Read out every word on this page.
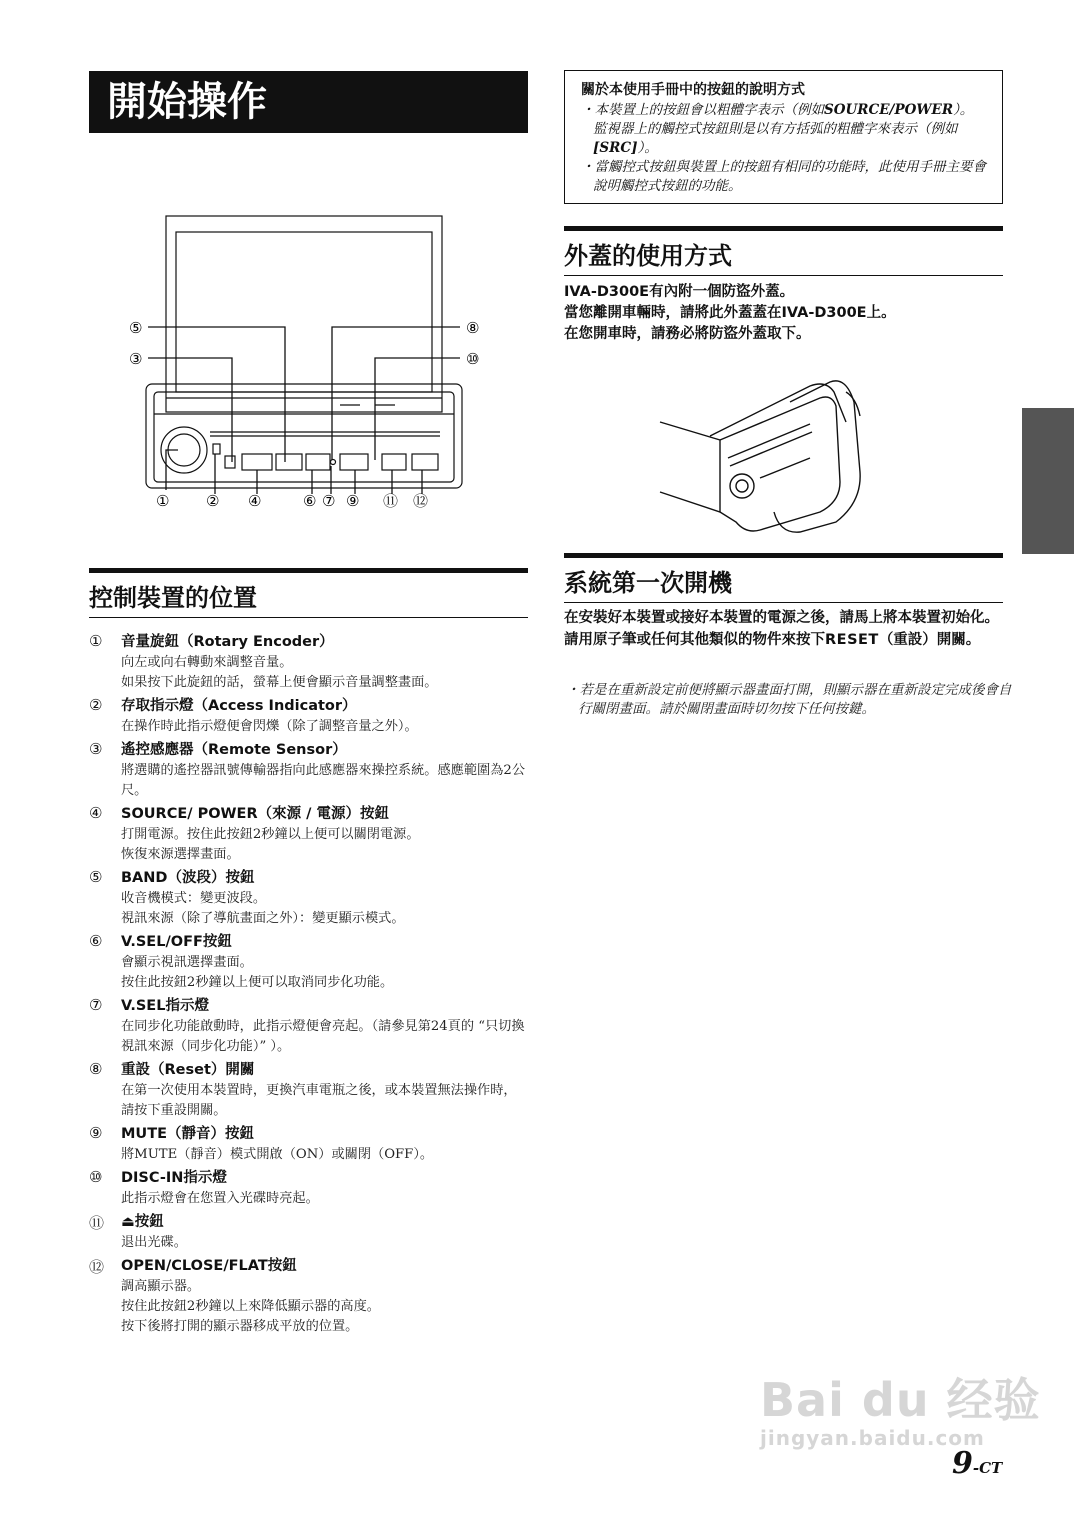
開始操作	關於本使用手冊中的按鈕的說明方式
・本裝置上的按鈕會以粗體字表示（例如SOURCE/POWER）。
監視器上的觸控式按鈕則是以有方括弧的粗體字來表示（例如[SRC]）。
・當觸控式按鈕與裝置上的按鈕有相同的功能時，此使用手冊主要會說明觸控式按鈕的功能。
⑤
③
⑧
⑩
① ② ④	⑥ ⑦ ⑨ ⑪ ⑫
外蓋的使用方式
IVA-D300E有內附一個防盜外蓋。
當您離開車輛時，請將此外蓋蓋在IVA-D300E上。
在您開車時，請務必將防盜外蓋取下。
控制裝置的位置
① 音量旋鈕（Rotary Encoder）
向左或向右轉動來調整音量。
如果按下此旋鈕的話，螢幕上便會顯示音量調整畫面。
② 存取指示燈（Access Indicator）
在操作時此指示燈便會閃爍（除了調整音量之外）。
③ 遙控感應器（Remote Sensor）
將選購的遙控器訊號傳輸器指向此感應器來操控系統。感應範圍為2公尺。
④ SOURCE/ POWER（來源 / 電源）按鈕
打開電源。按住此按鈕2秒鐘以上便可以關閉電源。
恢復來源選擇畫面。
⑤ BAND（波段）按鈕
收音機模式：變更波段。
視訊來源（除了導航畫面之外）：變更顯示模式。
⑥ V.SEL/OFF按鈕
會顯示視訊選擇畫面。
按住此按鈕2秒鐘以上便可以取消同步化功能。
⑦ V.SEL指示燈
在同步化功能啟動時，此指示燈便會亮起。（請參見第24頁的 “只切換視訊來源（同步化功能）” ）。
⑧ 重設（Reset）開關
在第一次使用本裝置時，更換汽車電瓶之後，或本裝置無法操作時，請按下重設開關。
⑨ MUTE（靜音）按鈕
將MUTE（靜音）模式開啟（ON）或關閉（OFF）。
⑩ DISC-IN指示燈
此指示燈會在您置入光碟時亮起。
⑪ ⏏按鈕
退出光碟。
⑫ OPEN/CLOSE/FLAT按鈕
調高顯示器。
按住此按鈕2秒鐘以上來降低顯示器的高度。
按下後將打開的顯示器移成平放的位置。
系統第一次開機
在安裝好本裝置或接好本裝置的電源之後，請馬上將本裝置初始化。請用原子筆或任何其他類似的物件來按下RESET（重設）開關。
・若是在重新設定前便將顯示器畫面打開，則顯示器在重新設定完成後會自行關閉畫面。請於關閉畫面時切勿按下任何按鍵。
Bai du 经验
jingyan.baidu.com
9-CT
